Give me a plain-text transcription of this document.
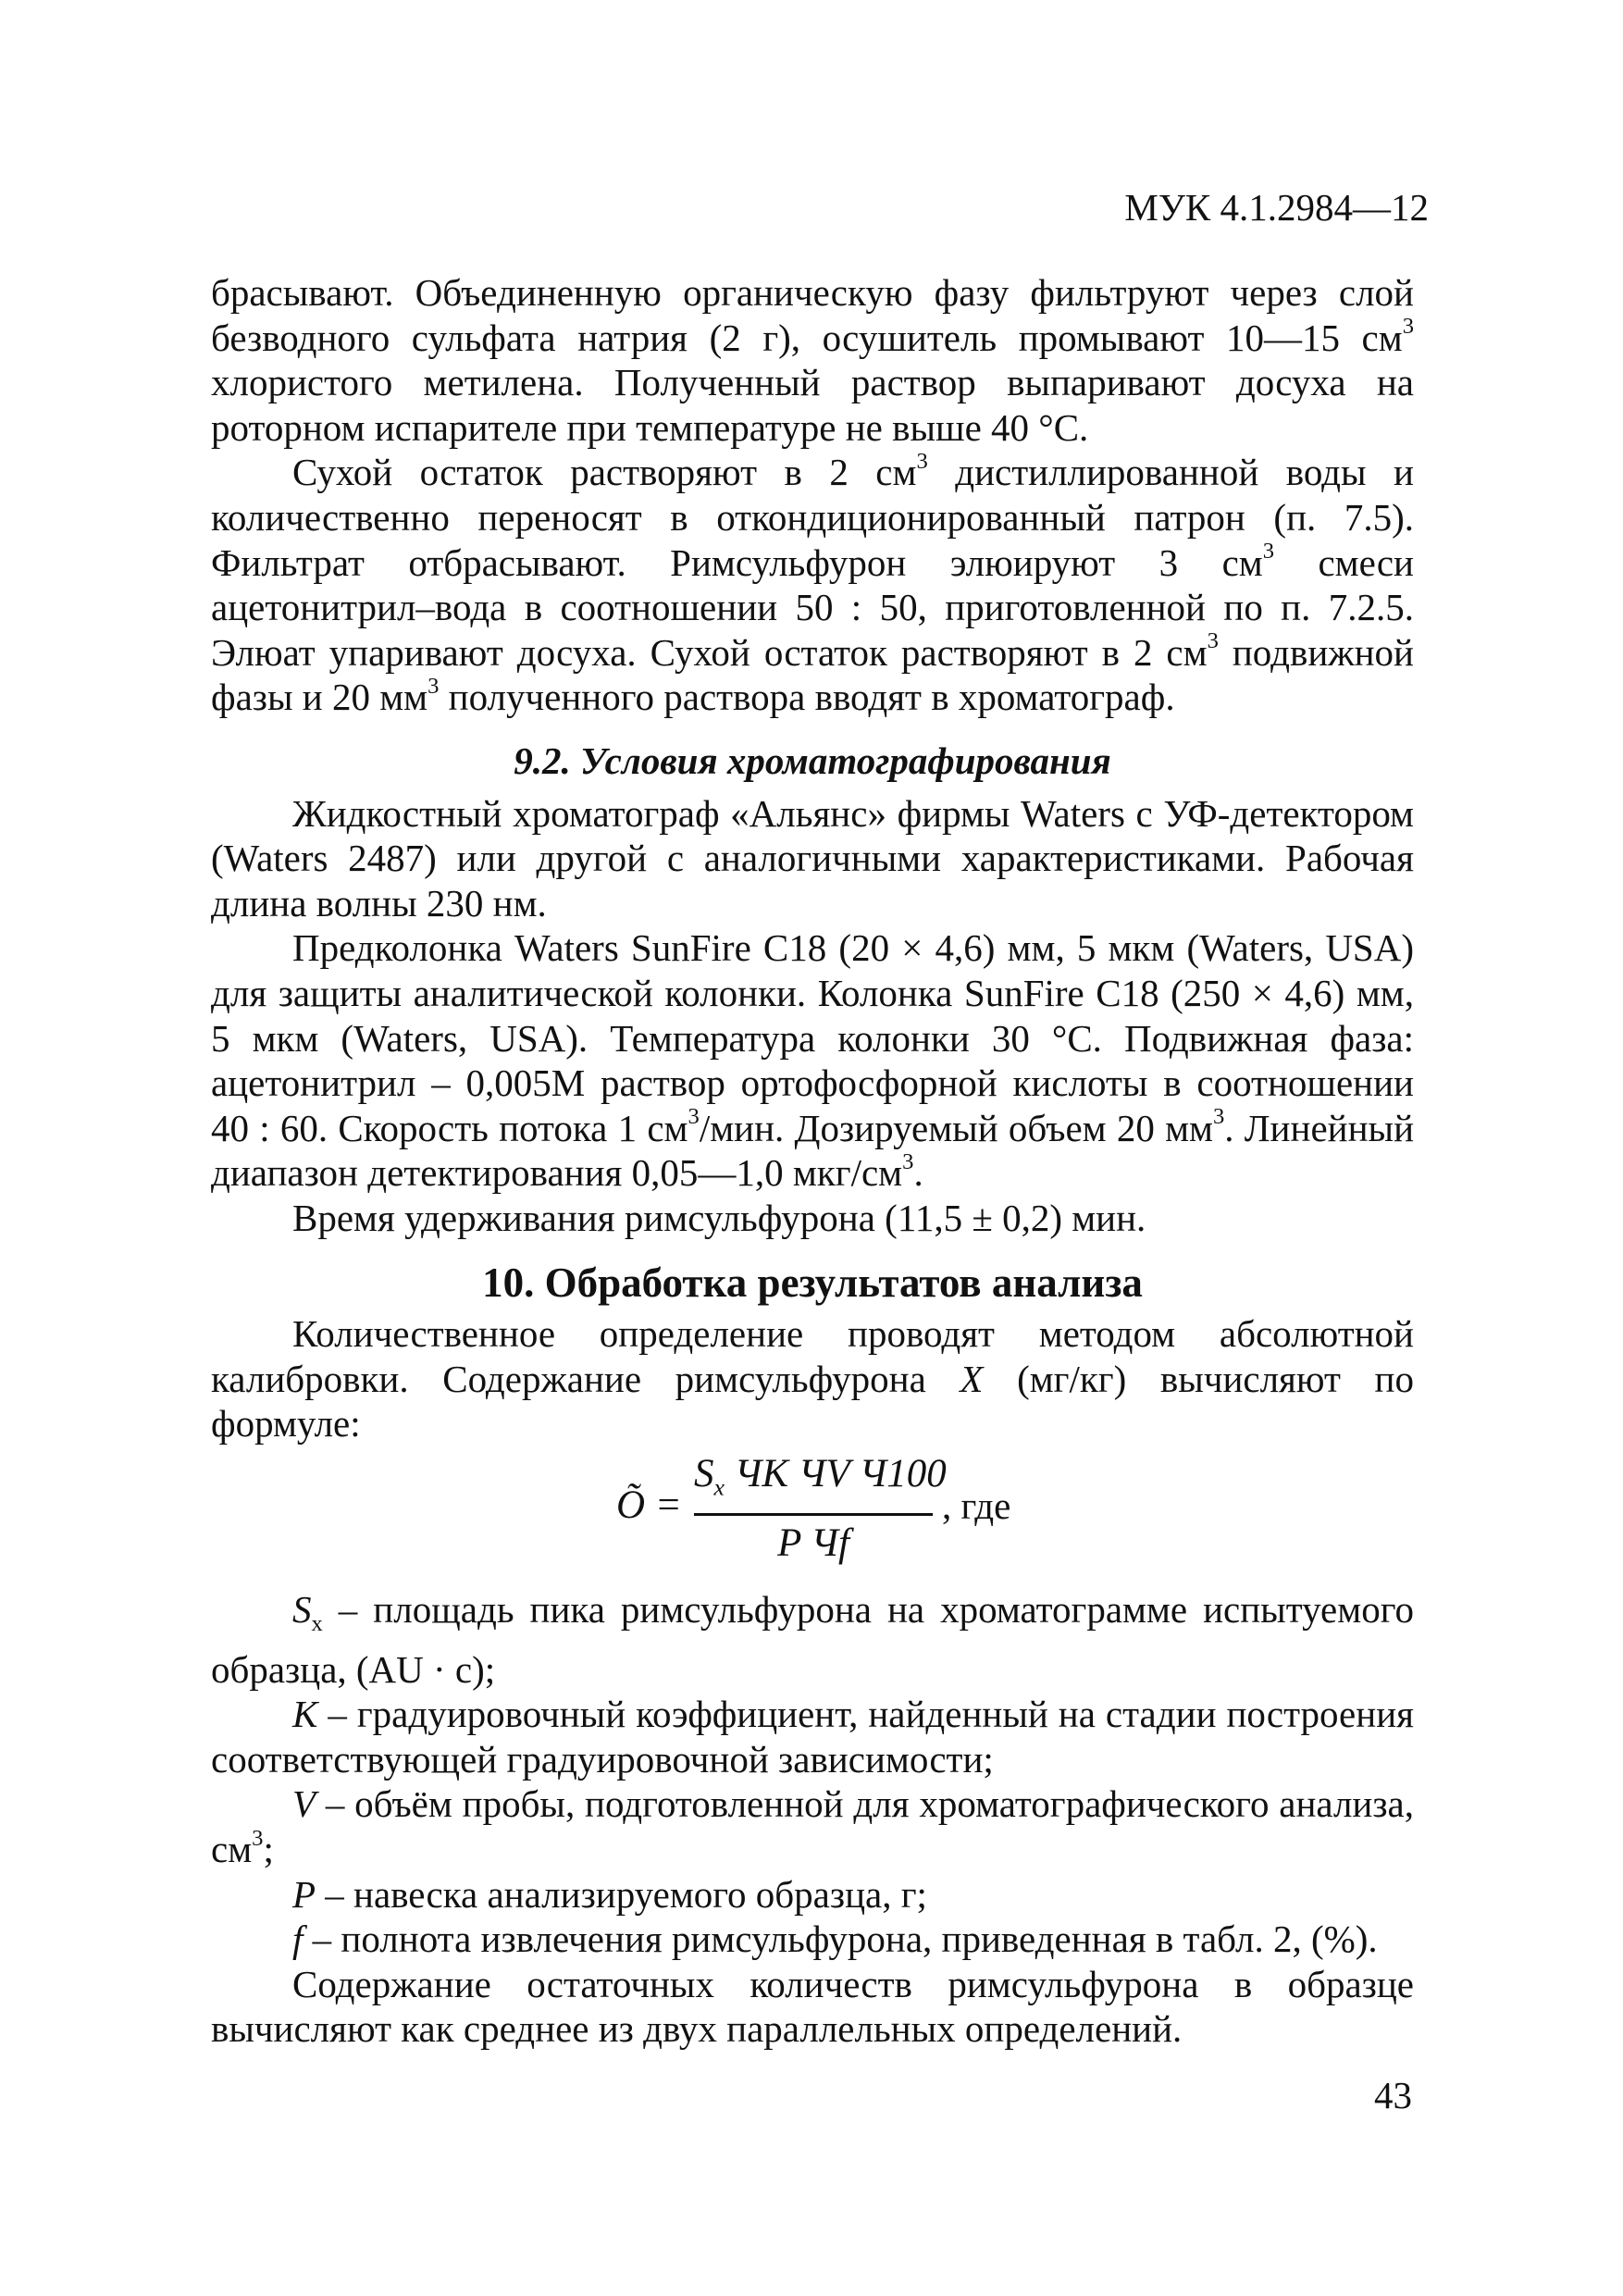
МУК 4.1.2984—12

брасывают. Объединенную органическую фазу фильтруют через слой безводного сульфата натрия (2 г), осушитель промывают 10—15 $см^3$ хлористого метилена. Полученный раствор выпаривают досуха на роторном испарителе при температуре не выше 40 °С.

Сухой остаток растворяют в 2 $см^3$ дистиллированной воды и количественно переносят в откондиционированный патрон (п. 7.5). Фильтрат отбрасывают. Римсульфурон элюируют 3 $см^3$ смеси ацетонитрил–вода в соотношении 50 : 50, приготовленной по п. 7.2.5. Элюат упаривают досуха. Сухой остаток растворяют в 2 $см^3$ подвижной фазы и 20 $мм^3$ полученного раствора вводят в хроматограф.

9.2. Условия хроматографирования

Жидкостный хроматограф «Альянс» фирмы Waters с УФ-детектором (Waters 2487) или другой с аналогичными характеристиками. Рабочая длина волны 230 нм.

Предколонка Waters SunFire C18 (20 × 4,6) мм, 5 мкм (Waters, USA) для защиты аналитической колонки. Колонка SunFire C18 (250 × 4,6) мм, 5 мкм (Waters, USA). Температура колонки 30 °С. Подвижная фаза: ацетонитрил – 0,005М раствор ортофосфорной кислоты в соотношении 40 : 60. Скорость потока 1 $см^3$/мин. Дозируемый объем 20 $мм^3$. Линейный диапазон детектирования 0,05—1,0 мкг/$см^3$.

Время удерживания римсульфурона (11,5 ± 0,2) мин.

10. Обработка результатов анализа

Количественное определение проводят методом абсолютной калибровки. Содержание римсульфурона X (мг/кг) вычисляют по формуле:

Õ =
$S_x$ ЧK ЧV Ч100
P Чf
, где

$S_x$ – площадь пика римсульфурона на хроматограмме испытуемого образца, (AU · с);

K – градуировочный коэффициент, найденный на стадии построения соответствующей градуировочной зависимости;

V – объём пробы, подготовленной для хроматографического анализа, $см^3$;

P – навеска анализируемого образца, г;

f – полнота извлечения римсульфурона, приведенная в табл. 2, (%).

Содержание остаточных количеств римсульфурона в образце вычисляют как среднее из двух параллельных определений.

43
